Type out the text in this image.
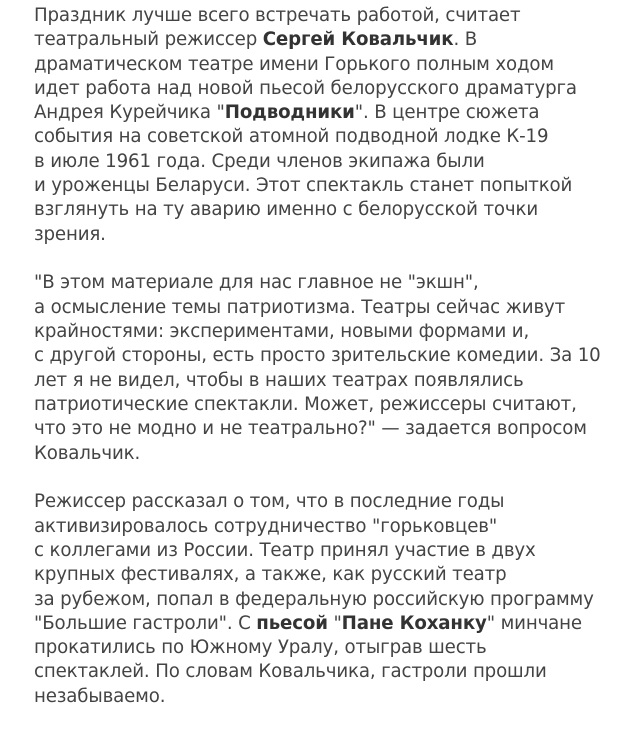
Праздник лучше всего встречать работой, считает
театральный режиссер Сергей Ковальчик. В
драматическом театре имени Горького полным ходом
идет работа над новой пьесой белорусского драматурга
Андрея Курейчика "Подводники". В центре сюжета
события на советской атомной подводной лодке К-19
в июле 1961 года. Среди членов экипажа были
и уроженцы Беларуси. Этот спектакль станет попыткой
взглянуть на ту аварию именно с белорусской точки
зрения.

"В этом материале для нас главное не "экшн",
а осмысление темы патриотизма. Театры сейчас живут
крайностями: экспериментами, новыми формами и,
с другой стороны, есть просто зрительские комедии. За 10
лет я не видел, чтобы в наших театрах появлялись
патриотические спектакли. Может, режиссеры считают,
что это не модно и не театрально?" — задается вопросом
Ковальчик.

Режиссер рассказал о том, что в последние годы
активизировалось сотрудничество "горьковцев"
с коллегами из России. Театр принял участие в двух
крупных фестивалях, а также, как русский театр
за рубежом, попал в федеральную российскую программу
"Большие гастроли". С пьесой "Пане Коханку" минчане
прокатились по Южному Уралу, отыграв шесть
спектаклей. По словам Ковальчика, гастроли прошли
незабываемо.
